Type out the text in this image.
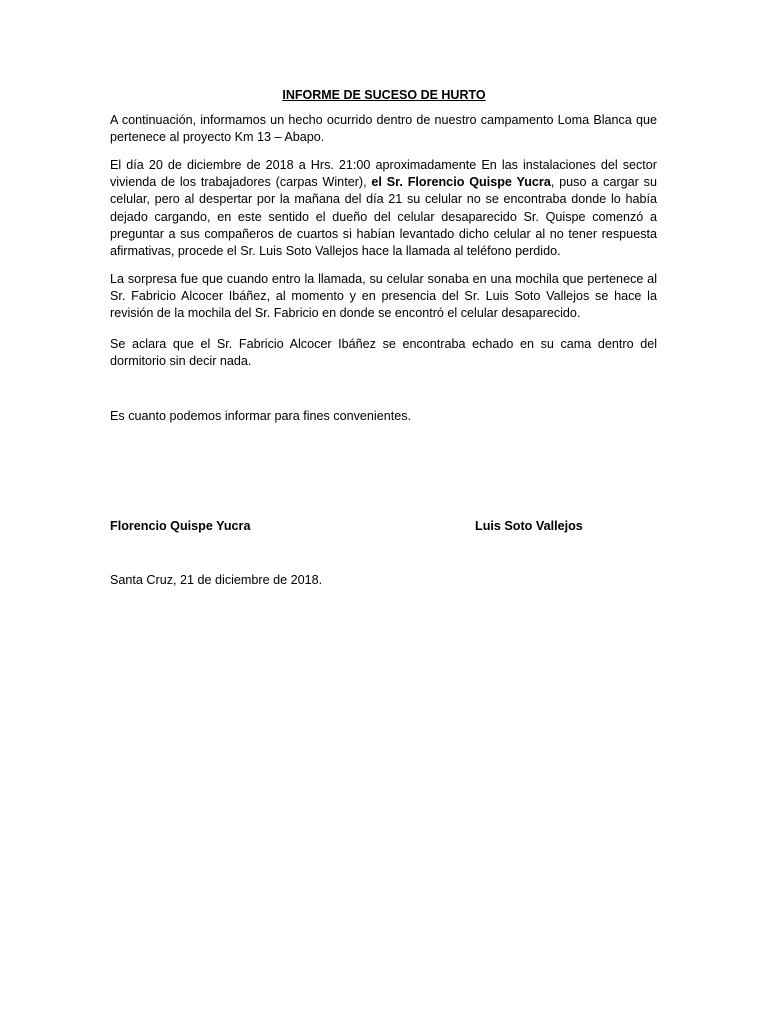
INFORME DE SUCESO DE HURTO
A continuación, informamos un hecho ocurrido dentro de nuestro campamento Loma Blanca que pertenece al proyecto Km 13 – Abapo.
El día 20 de diciembre de 2018 a Hrs. 21:00 aproximadamente En las instalaciones del sector vivienda de los trabajadores (carpas Winter), el Sr. Florencio Quispe Yucra, puso a cargar su celular, pero al despertar por la mañana del día 21 su celular no se encontraba donde lo había dejado cargando, en este sentido el dueño del celular desaparecido Sr. Quispe comenzó a preguntar a sus compañeros de cuartos si habían levantado dicho celular al no tener respuesta afirmativas, procede el Sr. Luis Soto Vallejos hace la llamada al teléfono perdido.
La sorpresa fue que cuando entro la llamada, su celular sonaba en una mochila que pertenece al Sr. Fabricio Alcocer Ibáñez, al momento y en presencia del Sr. Luis Soto Vallejos se hace la revisión de la mochila del Sr. Fabricio en donde se encontró el celular desaparecido.
Se aclara que el Sr. Fabricio Alcocer Ibáñez se encontraba echado en su cama dentro del dormitorio sin decir nada.
Es cuanto podemos informar para fines convenientes.
Florencio Quispe Yucra	Luis Soto Vallejos
Santa Cruz, 21 de diciembre de 2018.
